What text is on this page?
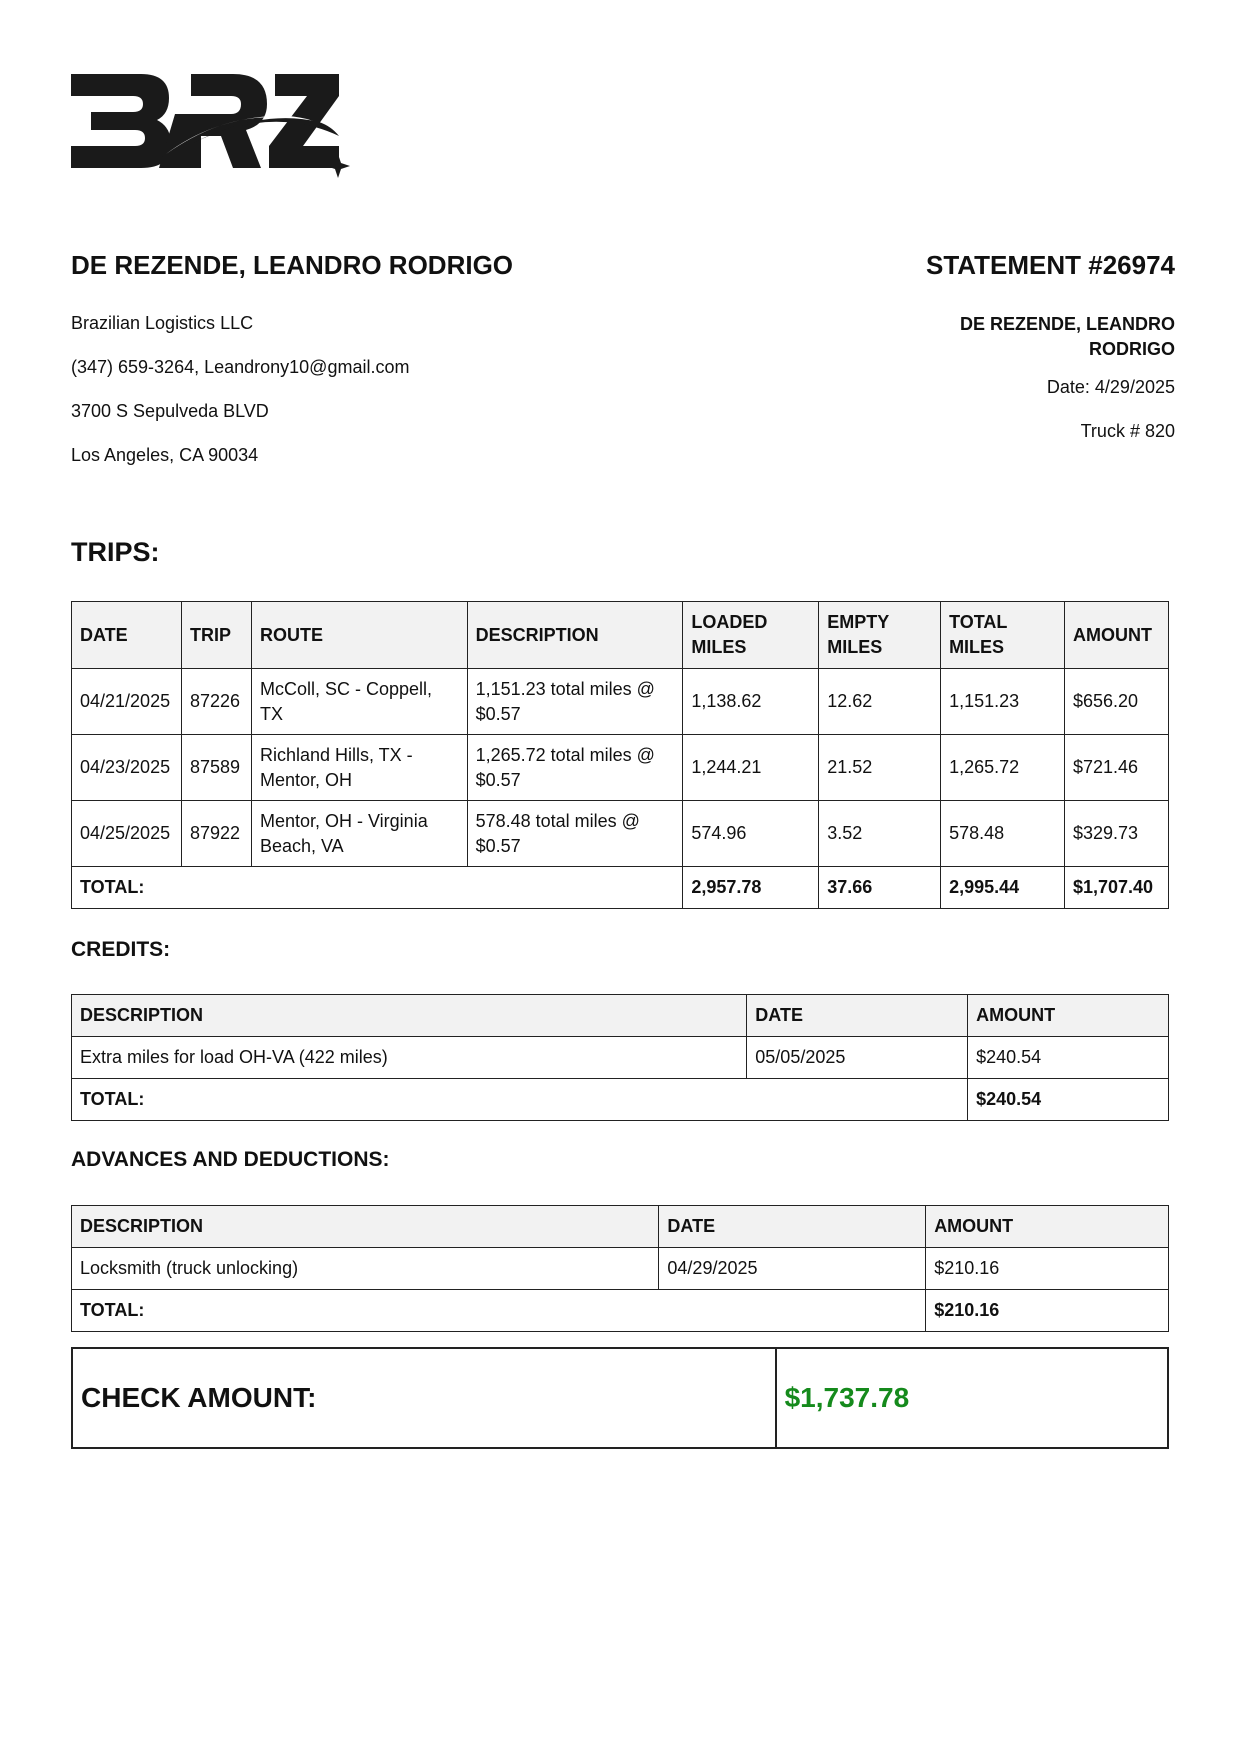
DE REZENDE, LEANDRO RODRIGO
Brazilian Logistics LLC
(347) 659-3264, Leandrony10@gmail.com
3700 S Sepulveda BLVD
Los Angeles, CA 90034
STATEMENT #26974
DE REZENDE, LEANDRO
RODRIGO
Date: 4/29/2025
Truck # 820
TRIPS:
DATE	TRIP	ROUTE	DESCRIPTION	LOADED MILES	EMPTY MILES	TOTAL MILES	AMOUNT
04/21/2025	87226	McColl, SC - Coppell, TX	1,151.23 total miles @ $0.57	1,138.62	12.62	1,151.23	$656.20
04/23/2025	87589	Richland Hills, TX - Mentor, OH	1,265.72 total miles @ $0.57	1,244.21	21.52	1,265.72	$721.46
04/25/2025	87922	Mentor, OH - Virginia Beach, VA	578.48 total miles @ $0.57	574.96	3.52	578.48	$329.73
TOTAL:				2,957.78	37.66	2,995.44	$1,707.40
CREDITS:
DESCRIPTION	DATE	AMOUNT
Extra miles for load OH-VA (422 miles)	05/05/2025	$240.54
TOTAL:		$240.54
ADVANCES AND DEDUCTIONS:
DESCRIPTION	DATE	AMOUNT
Locksmith (truck unlocking)	04/29/2025	$210.16
TOTAL:		$210.16
CHECK AMOUNT:	$1,737.78
